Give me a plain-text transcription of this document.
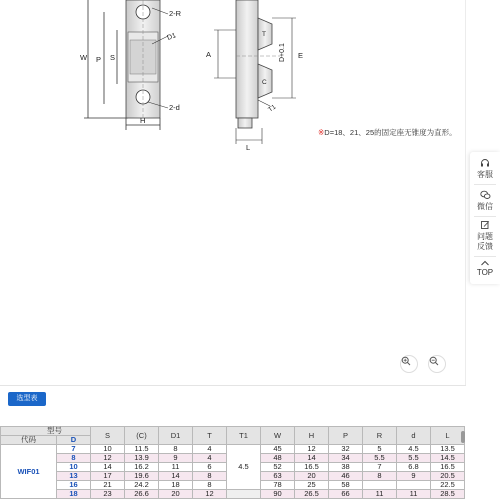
2-R
2-d
D1
W P S
H
A	E
D+0.1
L
T1
T
C
※D=18、21、25的固定座无锥度为直形。
客服
微信
问题
反馈
TOP
选型表
型号		S	(C)	D1	T	T1	W	H	P	R	d	L
代码	D											
WIF01	7	10	11.5	8	4	4.5	45	12	32	5	4.5	13.5
	8	12	13.9	9	4		48	14	34	5.5	5.5	14.5
	10	14	16.2	11	6		52	16.5	38	7	6.8	16.5
	13	17	19.6	14	8		63	20	46	8	9	20.5
	16	21	24.2	18	8		78	25	58			22.5
	18	23	26.6	20	12		90	26.5	66	11	11	28.5
